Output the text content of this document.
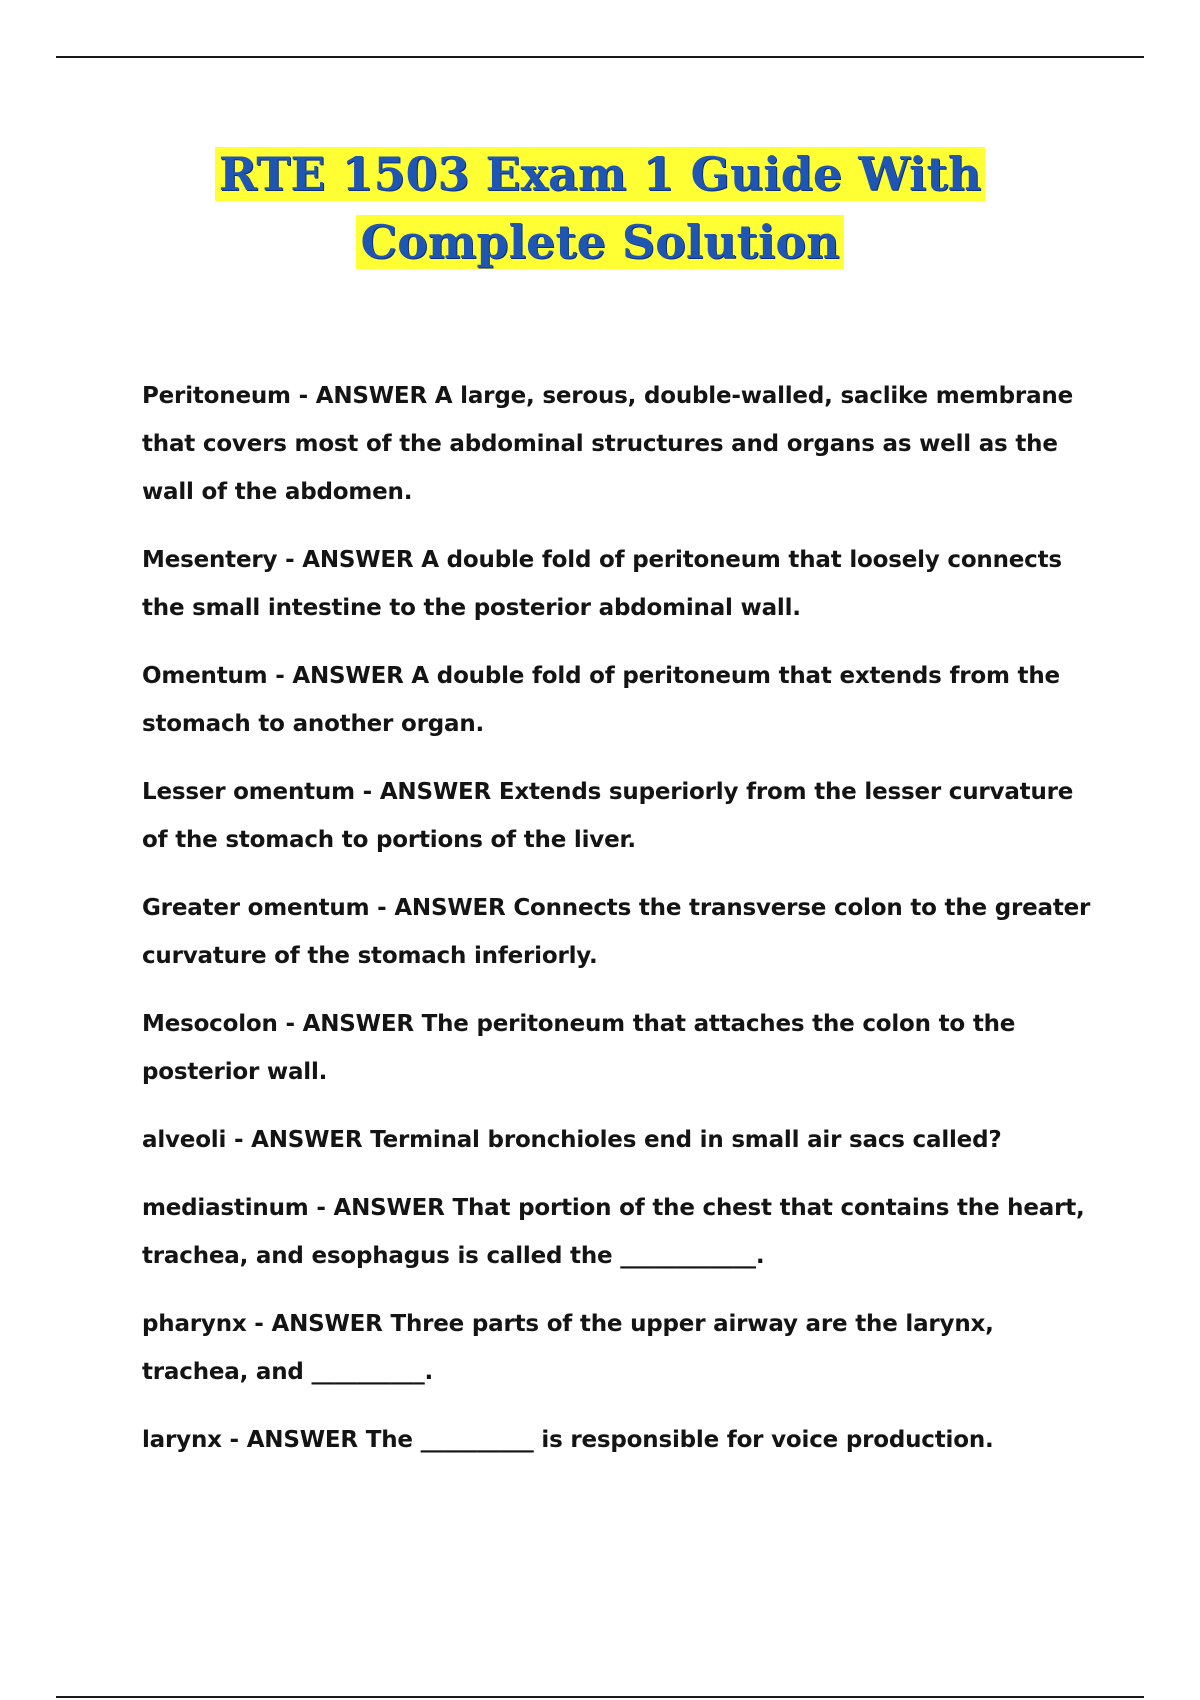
RTE 1503 Exam 1 Guide With
Complete Solution
Peritoneum - ANSWER A large, serous, double-walled, saclike membrane that covers most of the abdominal structures and organs as well as the wall of the abdomen.
Mesentery - ANSWER A double fold of peritoneum that loosely connects the small intestine to the posterior abdominal wall.
Omentum - ANSWER A double fold of peritoneum that extends from the stomach to another organ.
Lesser omentum - ANSWER Extends superiorly from the lesser curvature of the stomach to portions of the liver.
Greater omentum - ANSWER Connects the transverse colon to the greater curvature of the stomach inferiorly.
Mesocolon - ANSWER The peritoneum that attaches the colon to the posterior wall.
alveoli - ANSWER Terminal bronchioles end in small air sacs called?
mediastinum - ANSWER That portion of the chest that contains the heart, trachea, and esophagus is called the ____________.
pharynx - ANSWER Three parts of the upper airway are the larynx, trachea, and __________.
larynx - ANSWER The __________ is responsible for voice production.
